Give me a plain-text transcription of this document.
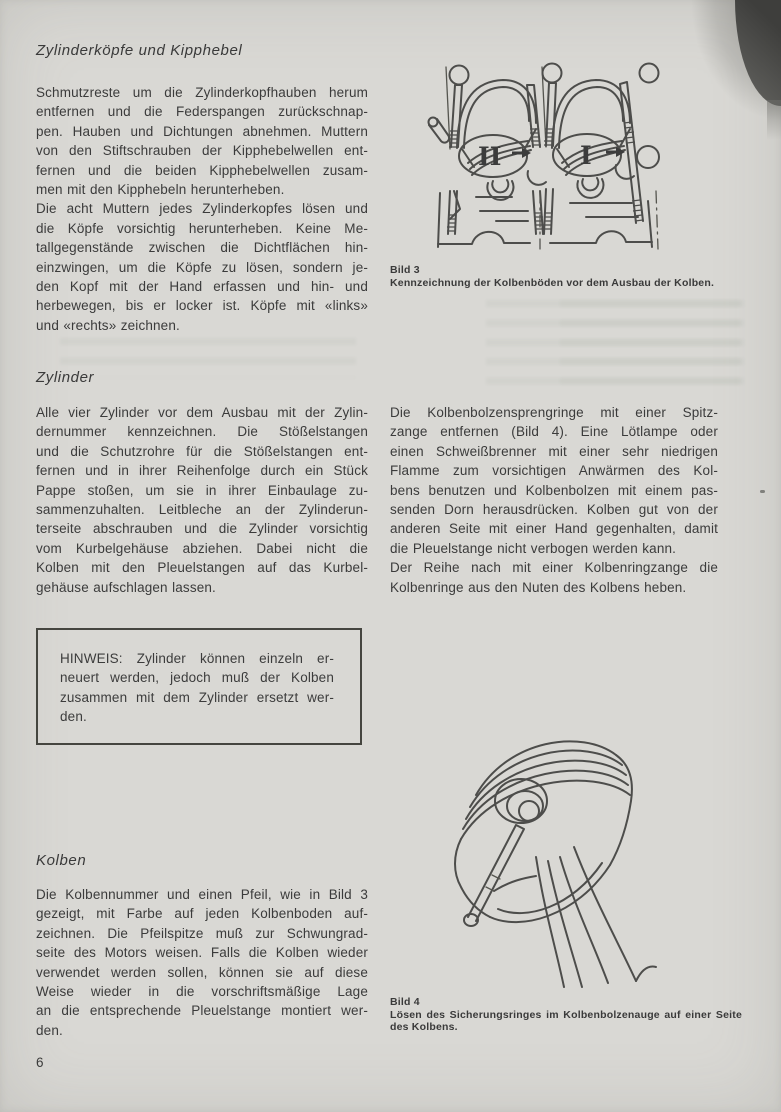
Zylinderköpfe und Kipphebel
Schmutzreste um die Zylinderkopfhauben herum
entfernen und die Federspangen zurückschnap-
pen. Hauben und Dichtungen abnehmen. Muttern
von den Stiftschrauben der Kipphebelwellen ent-
fernen und die beiden Kipphebelwellen zusam-
men mit den Kipphebeln herunterheben.
Die acht Muttern jedes Zylinderkopfes lösen und
die Köpfe vorsichtig herunterheben. Keine Me-
tallgegenstände zwischen die Dichtflächen hin-
einzwingen, um die Köpfe zu lösen, sondern je-
den Kopf mit der Hand erfassen und hin- und
herbewegen, bis er locker ist. Köpfe mit «links»
und «rechts» zeichnen.
Zylinder
Alle vier Zylinder vor dem Ausbau mit der Zylin-
dernummer kennzeichnen. Die Stößelstangen
und die Schutzrohre für die Stößelstangen ent-
fernen und in ihrer Reihenfolge durch ein Stück
Pappe stoßen, um sie in ihrer Einbaulage zu-
sammenzuhalten. Leitbleche an der Zylinderun-
terseite abschrauben und die Zylinder vorsichtig
vom Kurbelgehäuse abziehen. Dabei nicht die
Kolben mit den Pleuelstangen auf das Kurbel-
gehäuse aufschlagen lassen.
HINWEIS: Zylinder können einzeln er-
neuert werden, jedoch muß der Kolben
zusammen mit dem Zylinder ersetzt wer-
den.
Kolben
Die Kolbennummer und einen Pfeil, wie in Bild 3
gezeigt, mit Farbe auf jeden Kolbenboden auf-
zeichnen. Die Pfeilspitze muß zur Schwungrad-
seite des Motors weisen. Falls die Kolben wieder
verwendet werden sollen, können sie auf diese
Weise wieder in die vorschriftsmäßige Lage
an die entsprechende Pleuelstange montiert wer-
den.
6
II	I
Bild 3
Kennzeichnung der Kolbenböden vor dem Ausbau der Kolben.
Die Kolbenbolzensprengringe mit einer Spitz-
zange entfernen (Bild 4). Eine Lötlampe oder
einen Schweißbrenner mit einer sehr niedrigen
Flamme zum vorsichtigen Anwärmen des Kol-
bens benutzen und Kolbenbolzen mit einem pas-
senden Dorn herausdrücken. Kolben gut von der
anderen Seite mit einer Hand gegenhalten, damit
die Pleuelstange nicht verbogen werden kann.
Der Reihe nach mit einer Kolbenringzange die
Kolbenringe aus den Nuten des Kolbens heben.
Bild 4
Lösen des Sicherungsringes im Kolbenbolzenauge auf einer Seite
des Kolbens.
